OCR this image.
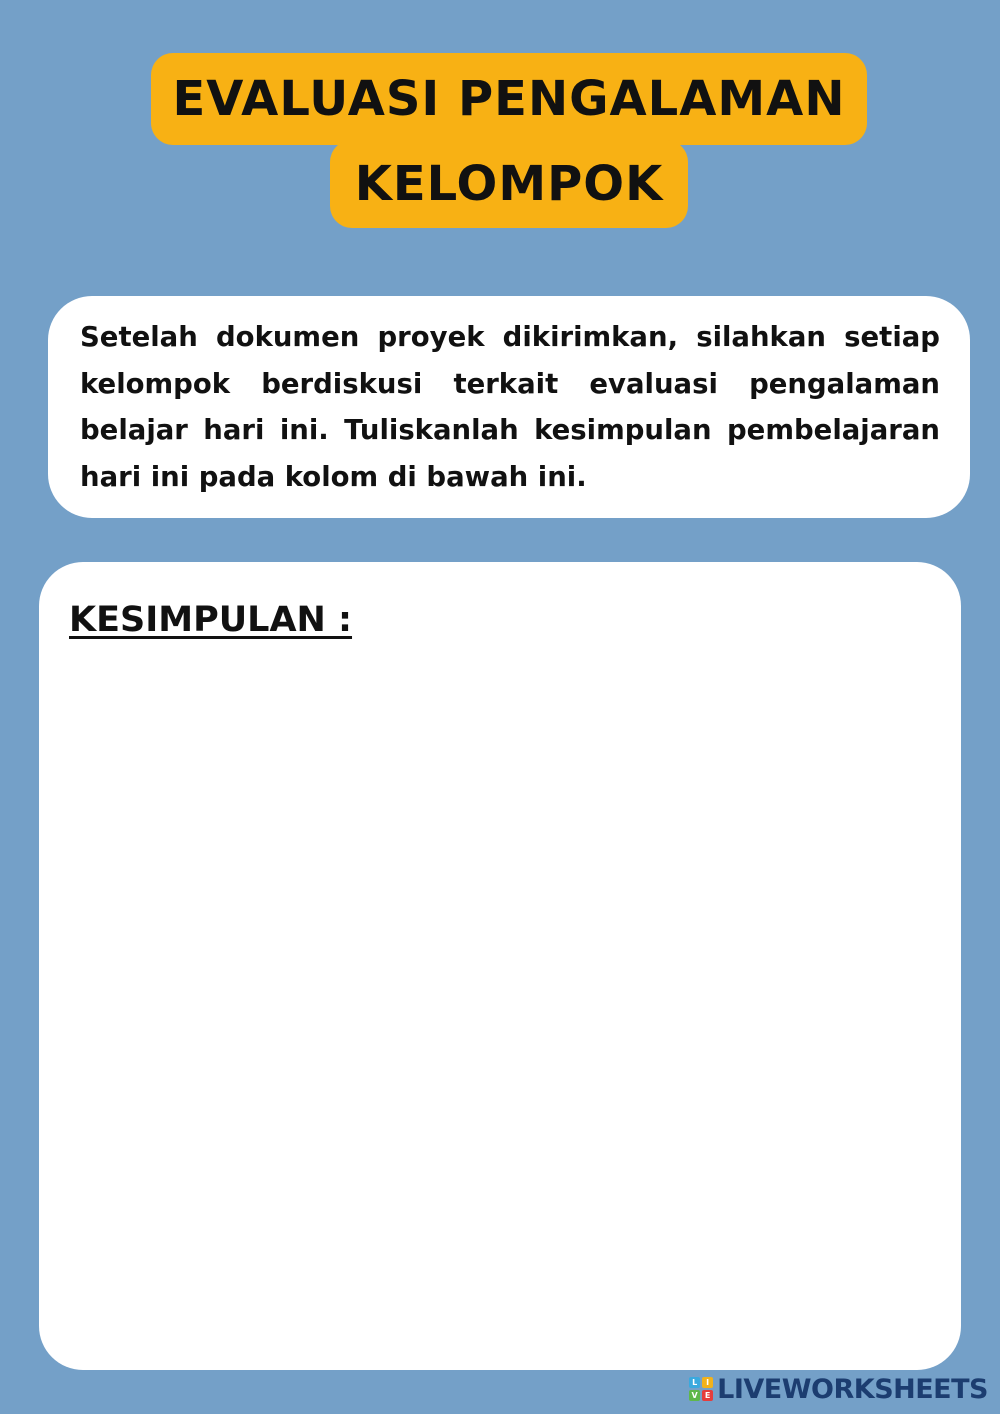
EVALUASI PENGALAMAN
KELOMPOK

Setelah dokumen proyek dikirimkan, silahkan setiap kelompok berdiskusi terkait evaluasi pengalaman belajar hari ini. Tuliskanlah kesimpulan pembelajaran hari ini pada kolom di bawah ini.

KESIMPULAN :
L	I
V E LIVEWORKSHEETS
